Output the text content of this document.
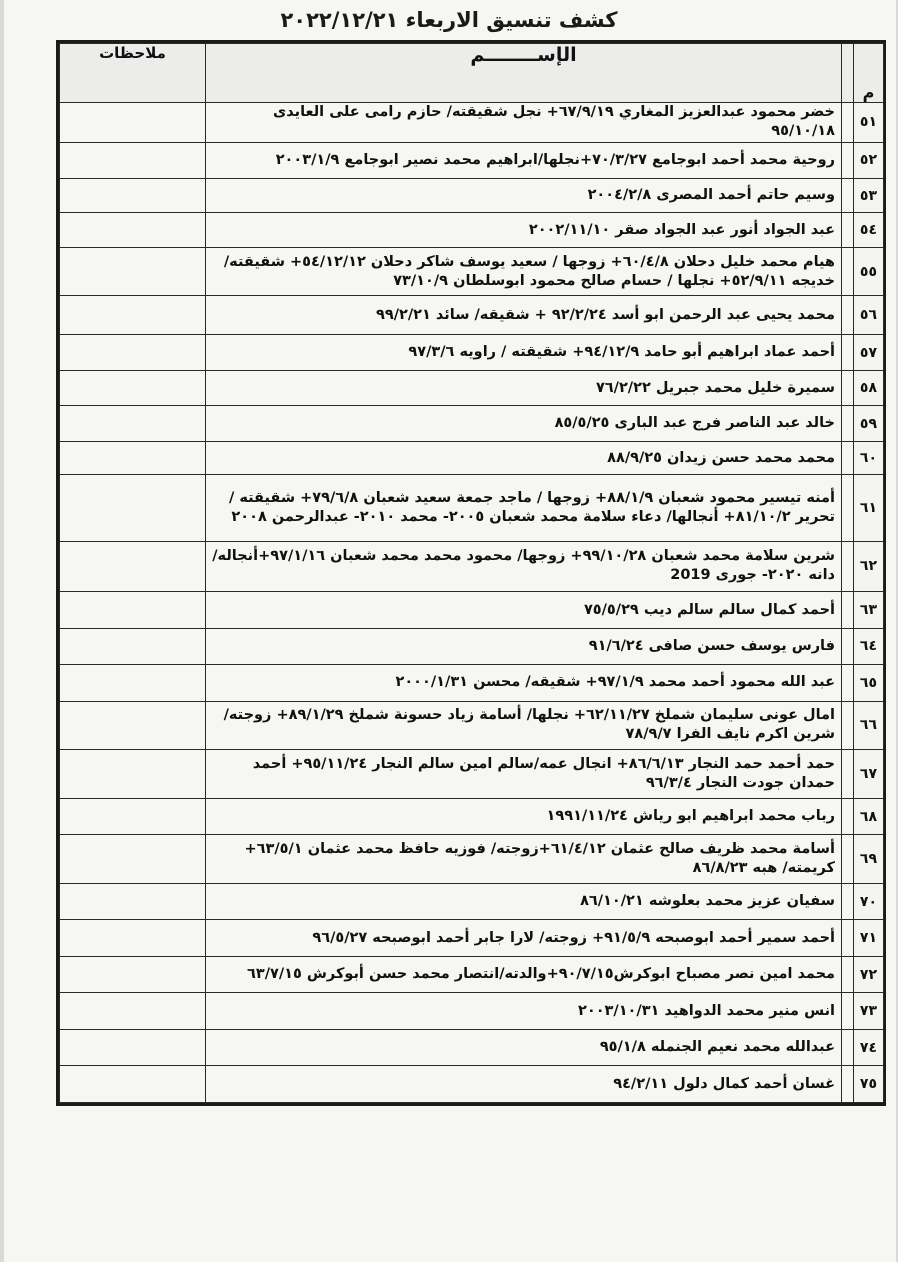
كشف تنسيق الاربعاء ٢٠٢٢/١٢/٢١
م		الإســــــــم	ملاحظات
٥١		خضر محمود عبدالعزيز المغاري ٦٧/٩/١٩+ نجل شقيقته/ حازم رامى على العايدى ٩٥/١٠/١٨	
٥٢		روحية محمد أحمد ابوجامع ٧٠/٣/٢٧+نجلها/ابراهيم محمد نصير ابوجامع ٢٠٠٣/١/٩	
٥٣		وسيم حاتم أحمد المصرى ٢٠٠٤/٢/٨	
٥٤		عبد الجواد أنور عبد الجواد صقر ٢٠٠٢/١١/١٠	
٥٥		هيام محمد خليل دحلان ٦٠/٤/٨+ زوجها / سعيد يوسف شاكر دحلان ٥٤/١٢/١٢+ شقيقته/ خديجه ٥٢/٩/١١+ نجلها / حسام صالح محمود ابوسلطان ٧٣/١٠/٩	
٥٦		محمد يحيى عبد الرحمن ابو أسد ٩٢/٢/٢٤ + شقيقه/ سائد ٩٩/٢/٢١	
٥٧		أحمد عماد ابراهيم أبو حامد ٩٤/١٢/٩+ شقيقته / راويه ٩٧/٣/٦	
٥٨		سميرة خليل محمد جبريل ٧٦/٢/٢٢	
٥٩		خالد عبد الناصر فرج عبد البارى ٨٥/٥/٢٥	
٦٠		محمد محمد حسن زيدان ٨٨/٩/٢٥	
٦١		أمنه تيسير محمود شعبان ٨٨/١/٩+ زوجها / ماجد جمعة سعيد شعبان ٧٩/٦/٨+ شقيقته / تحرير ٨١/١٠/٢+ أنجالها/ دعاء سلامة محمد شعبان ٢٠٠٥- محمد ٢٠١٠- عبدالرحمن ٢٠٠٨	
٦٢		شرين سلامة محمد شعبان ٩٩/١٠/٢٨+ زوجها/ محمود محمد محمد شعبان ٩٧/١/١٦+أنجاله/ دانه ٢٠٢٠- جورى 2019	
٦٣		أحمد كمال سالم سالم ديب ٧٥/٥/٢٩	
٦٤		فارس يوسف حسن صافى ٩١/٦/٢٤	
٦٥		عبد الله محمود أحمد محمد ٩٧/١/٩+ شقيقه/ محسن ٢٠٠٠/١/٣١	
٦٦		امال عونى سليمان شملخ ٦٢/١١/٢٧+ نجلها/ أسامة زياد حسونة شملخ ٨٩/١/٢٩+ زوجته/ شرين اكرم نايف الفرا ٧٨/٩/٧	
٦٧		حمد أحمد حمد النجار ٨٦/٦/١٣+ انجال عمه/سالم امين سالم النجار ٩٥/١١/٢٤+ أحمد حمدان جودت النجار ٩٦/٣/٤	
٦٨		رباب محمد ابراهيم ابو رياش ١٩٩١/١١/٢٤	
٦٩		أسامة محمد ظريف صالح عثمان ٦١/٤/١٢+زوجته/ فوزيه حافظ محمد عثمان ٦٣/٥/١+ كريمته/ هبه ٨٦/٨/٢٣	
٧٠		سفيان عزيز محمد بعلوشه ٨٦/١٠/٢١	
٧١		أحمد سمير أحمد ابوصبحه ٩١/٥/٩+ زوجته/ لارا جابر أحمد ابوصبحه ٩٦/٥/٢٧	
٧٢		محمد امين نصر مصباح ابوكرش٩٠/٧/١٥+والدته/انتصار محمد حسن أبوكرش ٦٣/٧/١٥	
٧٣		انس منير محمد الدواهيد ٢٠٠٣/١٠/٣١	
٧٤		عبدالله محمد نعيم الجنمله ٩٥/١/٨	
٧٥		غسان أحمد كمال دلول ٩٤/٢/١١	
